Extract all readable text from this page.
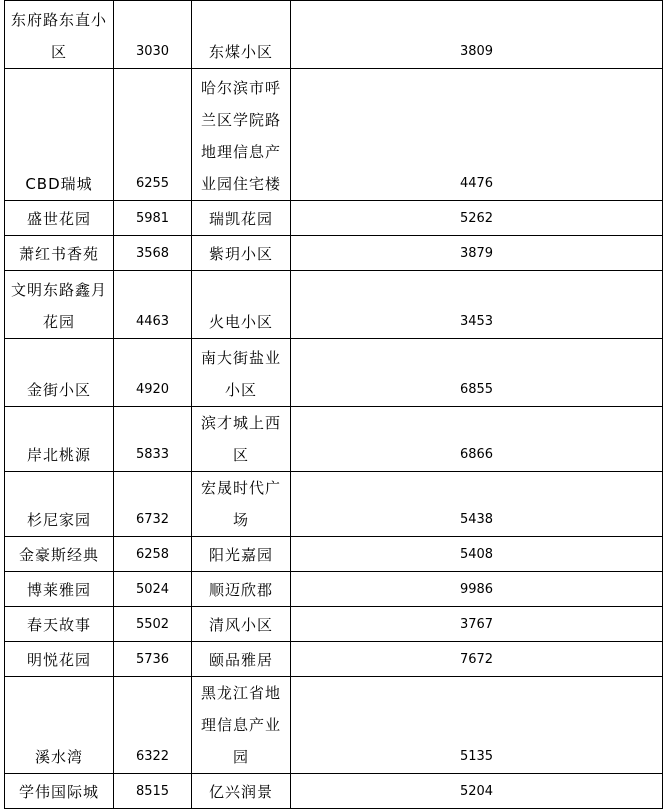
东府路东直小区	3030	东煤小区	3809
CBD瑞城	6255	哈尔滨市呼兰区学院路地理信息产业园住宅楼	4476
盛世花园	5981	瑞凯花园	5262
萧红书香苑	3568	紫玥小区	3879
文明东路鑫月花园	4463	火电小区	3453
金街小区	4920	南大街盐业小区	6855
岸北桃源	5833	滨才城上西区	6866
杉尼家园	6732	宏晟时代广场	5438
金豪斯经典	6258	阳光嘉园	5408
博莱雅园	5024	顺迈欣郡	9986
春天故事	5502	清风小区	3767
明悦花园	5736	颐品雅居	7672
溪水湾	6322	黑龙江省地理信息产业园	5135
学伟国际城	8515	亿兴润景	5204
